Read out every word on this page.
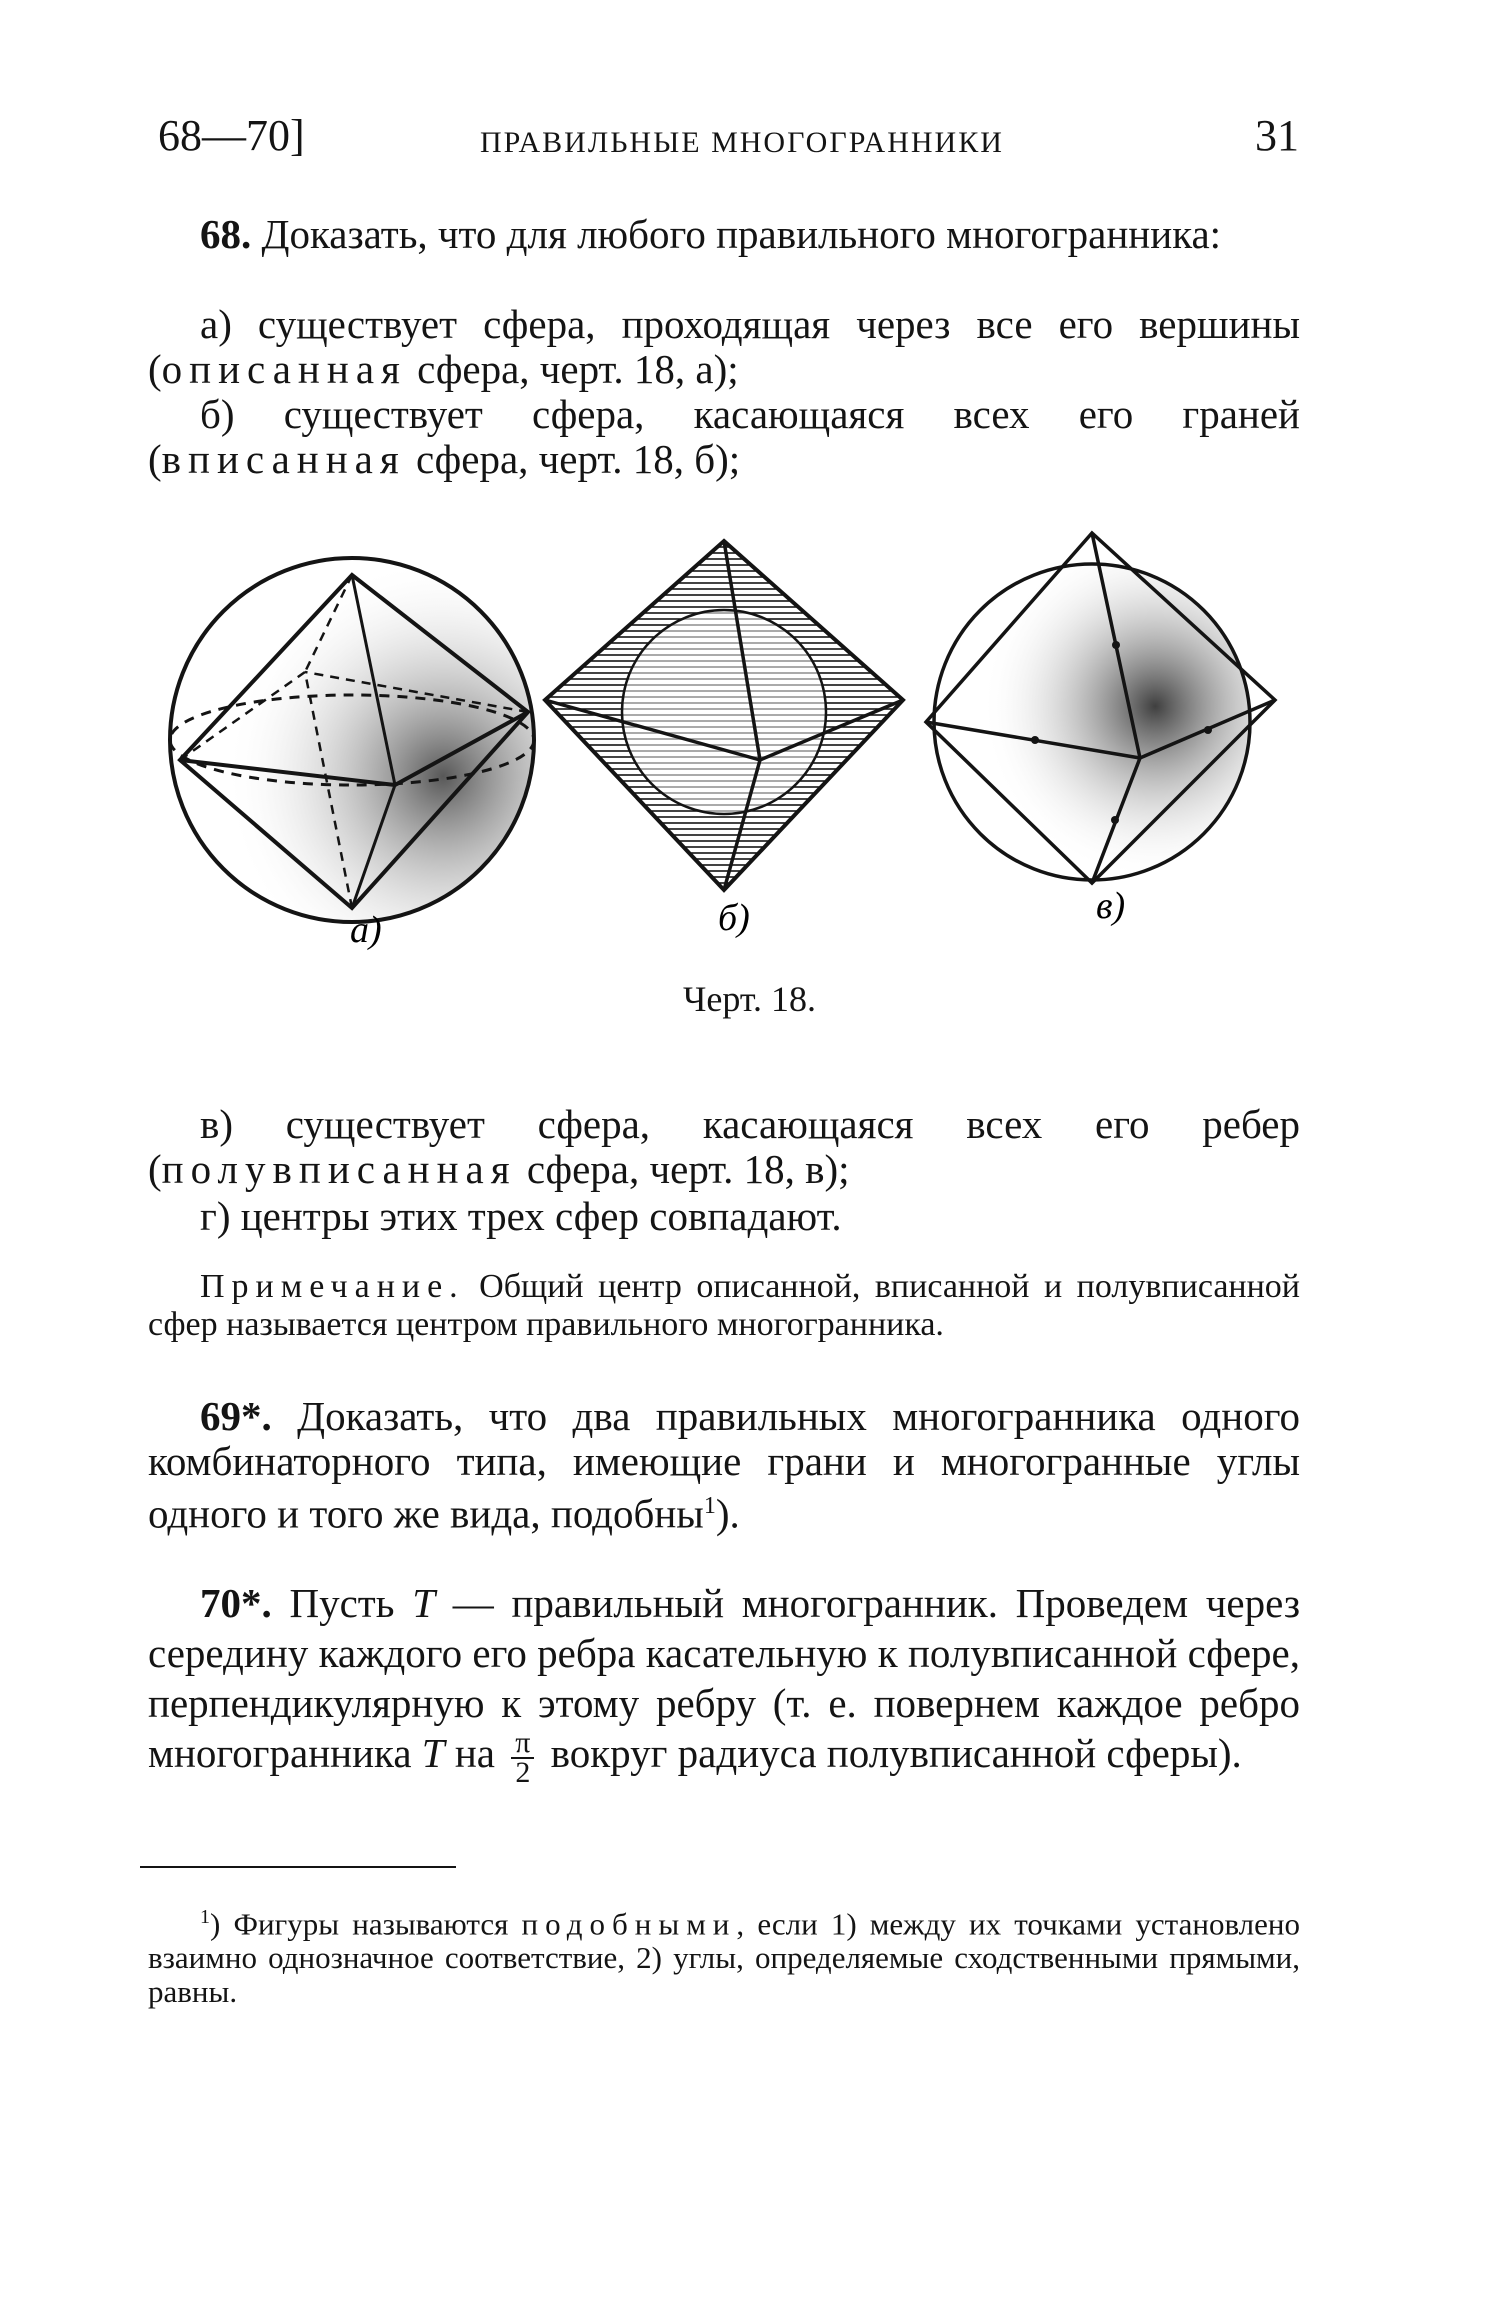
68—70]	ПРАВИЛЬНЫЕ МНОГОГРАННИКИ	31
68. Доказать, что для любого правильного многогранника:
а) существует сфера, проходящая через все его вершины (описанная сфера, черт. 18, а);
б) существует сфера, касающаяся всех его граней (вписанная сфера, черт. 18, б);
а)	б)	в)
Черт. 18.
в) существует сфера, касающаяся всех его ребер (полувписанная сфера, черт. 18, в);
г) центры этих трех сфер совпадают.
Примечание. Общий центр описанной, вписанной и полувписанной сфер называется центром правильного многогранника.
69*. Доказать, что два правильных многогранника одного комбинаторного типа, имеющие грани и многогранные углы одного и того же вида, подобны$^1$).
70*. Пусть T — правильный многогранник. Проведем через середину каждого его ребра касательную к полувписанной сфере, перпендикулярную к этому ребру (т. е. повернем каждое ребро многогранника T на $\frac{\pi}{2}$ вокруг радиуса полувписанной сферы).
$^1$) Фигуры называются подобными, если 1) между их точками установлено взаимно однозначное соответствие, 2) углы, определяемые сходственными прямыми, равны.
